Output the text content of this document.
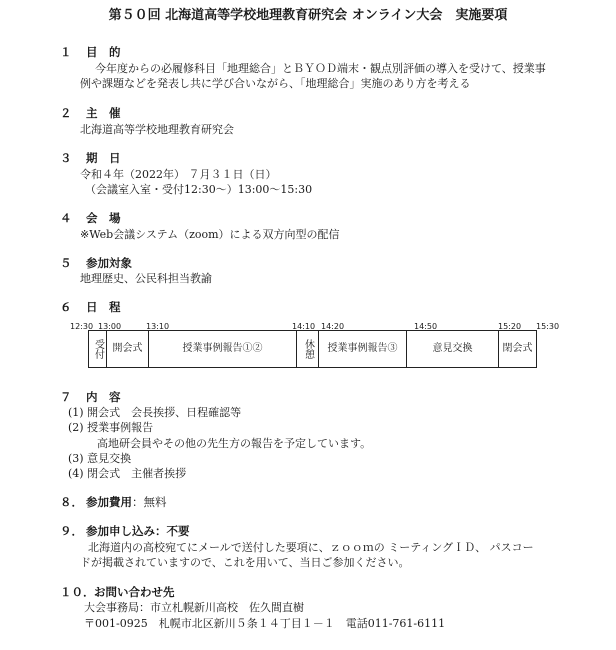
第５０回 北海道高等学校地理教育研究会 オンライン大会　実施要項
１ 目　的
今年度からの必履修科目「地理総合」とＢＹＯＤ端末・観点別評価の導入を受けて、授業事
例や課題などを発表し共に学び合いながら、「地理総合」実施のあり方を考える
２ 主　催
北海道高等学校地理教育研究会
３ 期　日
令和４年（2022年） ７月３１日（日）
（会議室入室・受付12:30～）13:00～15:30
４ 会　場
※Web会議システム（zoom）による双方向型の配信
５ 参加対象
地理歴史、公民科担当教諭
６ 日　程
12:30 13:00	13:10	14:10 14:20	14:50	15:20 15:30
受付	開会式	授業事例報告①②	休憩	授業事例報告③	意見交換	閉会式
７ 内　容
(1) 開会式　会長挨拶、日程確認等
(2) 授業事例報告
高地研会員やその他の先生方の報告を予定しています。
(3) 意見交換
(4) 閉会式　主催者挨拶
８． 参加費用：無料
９． 参加申し込み：不要
北海道内の高校宛てにメールで送付した要項に、ｚｏｏｍの ミーティングＩＤ、 パスコー
ドが掲載されていますので、これを用いて、当日ご参加ください。
１０． お問い合わせ先
大会事務局：市立札幌新川高校　佐久間直樹
〒001-0925　札幌市北区新川５条１４丁目１－１　電話011-761-6111
